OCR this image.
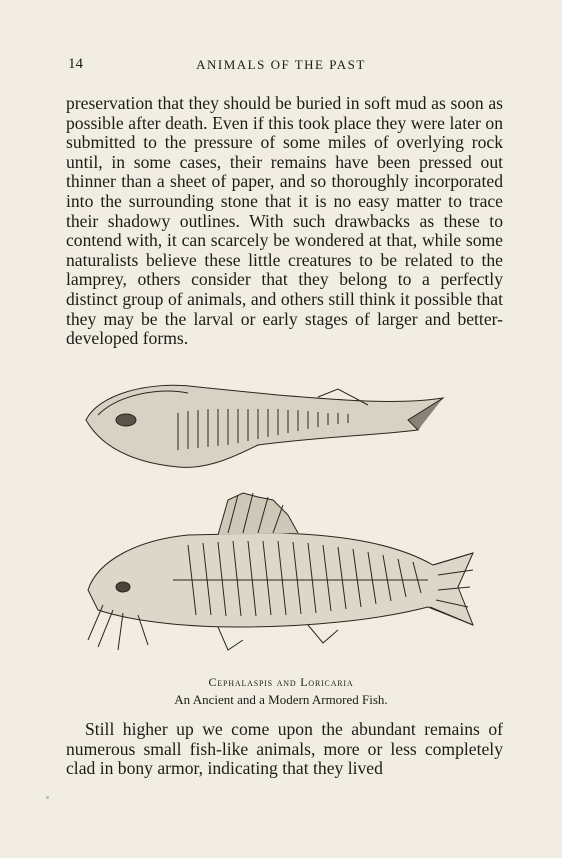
14	ANIMALS OF THE PAST

preservation that they should be buried in soft mud as soon as possible after death. Even if this took place they were later on submitted to the pressure of some miles of overlying rock until, in some cases, their remains have been pressed out thinner than a sheet of paper, and so thoroughly incorporated into the surrounding stone that it is no easy matter to trace their shadowy outlines. With such drawbacks as these to contend with, it can scarcely be wondered at that, while some naturalists believe these little creatures to be related to the lamprey, others consider that they belong to a perfectly distinct group of animals, and others still think it possible that they may be the larval or early stages of larger and better-developed forms.

Cephalaspis and Loricaria
An Ancient and a Modern Armored Fish.

Still higher up we come upon the abundant remains of numerous small fish-like animals, more or less completely clad in bony armor, indicating that they lived
